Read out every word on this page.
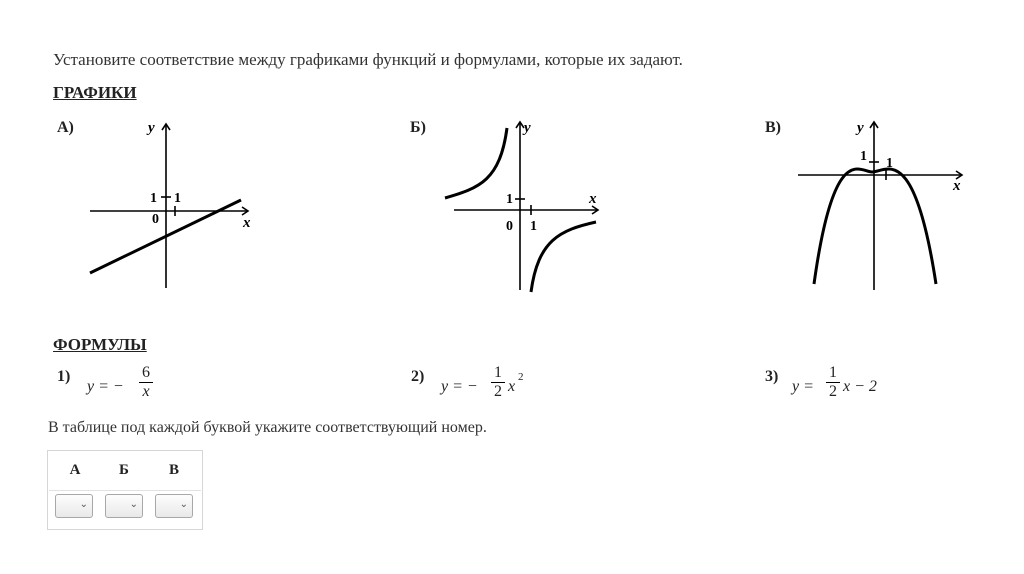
Установите соответствие между графиками функций и формулами, которые их задают.
ГРАФИКИ
А)	Б)	В)
y
x
1
1
0
y
x
1
1
0
y
x
1
1
ФОРМУЛЫ
1)
y = −
6
x
2)
y = −
1
2 x
2	3)
y =
1
2 x − 2
В таблице под каждой буквой укажите соответствующий номер.
А	Б	В
⌄	⌄	⌄
